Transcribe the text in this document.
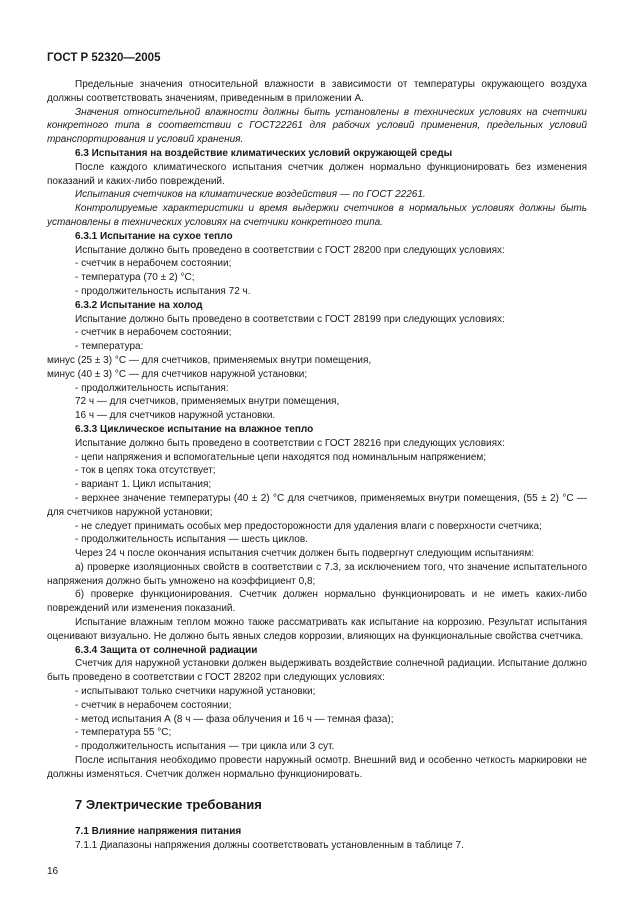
ГОСТ Р 52320—2005

Предельные значения относительной влажности в зависимости от температуры окружающего воздуха должны соответствовать значениям, приведенным в приложении А.

Значения относительной влажности должны быть установлены в технических условиях на счетчики конкретного типа в соответствии с ГОСТ22261 для рабочих условий применения, предельных условий транспортирования и условий хранения.

6.3 Испытания на воздействие климатических условий окружающей среды

После каждого климатического испытания счетчик должен нормально функционировать без изменения показаний и каких-либо повреждений.

Испытания счетчиков на климатические воздействия — по ГОСТ 22261.

Контролируемые характеристики и время выдержки счетчиков в нормальных условиях должны быть установлены в технических условиях на счетчики конкретного типа.

6.3.1 Испытание на сухое тепло

Испытание должно быть проведено в соответствии с ГОСТ 28200 при следующих условиях:

- счетчик в нерабочем состоянии;
- температура (70 ± 2) °С;
- продолжительность испытания 72 ч.

6.3.2 Испытание на холод

Испытание должно быть проведено в соответствии с ГОСТ 28199 при следующих условиях:

- счетчик в нерабочем состоянии;
- температура:
минус (25 ± 3) °С — для счетчиков, применяемых внутри помещения,
минус (40 ± 3) °С — для счетчиков наружной установки;
- продолжительность испытания:
72 ч — для счетчиков, применяемых внутри помещения,
16 ч — для счетчиков наружной установки.

6.3.3 Циклическое испытание на влажное тепло

Испытание должно быть проведено в соответствии с ГОСТ 28216 при следующих условиях:

- цепи напряжения и вспомогательные цепи находятся под номинальным напряжением;
- ток в цепях тока отсутствует;
- вариант 1. Цикл испытания;

- верхнее значение температуры (40 ± 2) °С для счетчиков, применяемых внутри помещения, (55 ± 2) °С — для счетчиков наружной установки;

- не следует принимать особых мер предосторожности для удаления влаги с поверхности счетчика;
- продолжительность испытания — шесть циклов.

Через 24 ч после окончания испытания счетчик должен быть подвергнут следующим испытаниям:

а) проверке изоляционных свойств в соответствии с 7.3, за исключением того, что значение испытательного напряжения должно быть умножено на коэффициент 0,8;

б) проверке функционирования. Счетчик должен нормально функционировать и не иметь каких-либо повреждений или изменения показаний.

Испытание влажным теплом можно также рассматривать как испытание на коррозию. Результат испытания оценивают визуально. Не должно быть явных следов коррозии, влияющих на функциональные свойства счетчика.

6.3.4 Защита от солнечной радиации

Счетчик для наружной установки должен выдерживать воздействие солнечной радиации. Испытание должно быть проведено в соответствии с ГОСТ 28202 при следующих условиях:

- испытывают только счетчики наружной установки;
- счетчик в нерабочем состоянии;
- метод испытания А (8 ч — фаза облучения и 16 ч — темная фаза);
- температура 55 °С;
- продолжительность испытания — три цикла или 3 сут.

После испытания необходимо провести наружный осмотр. Внешний вид и особенно четкость маркировки не должны изменяться. Счетчик должен нормально функционировать.

7 Электрические требования

7.1 Влияние напряжения питания

7.1.1 Диапазоны напряжения должны соответствовать установленным в таблице 7.

16
